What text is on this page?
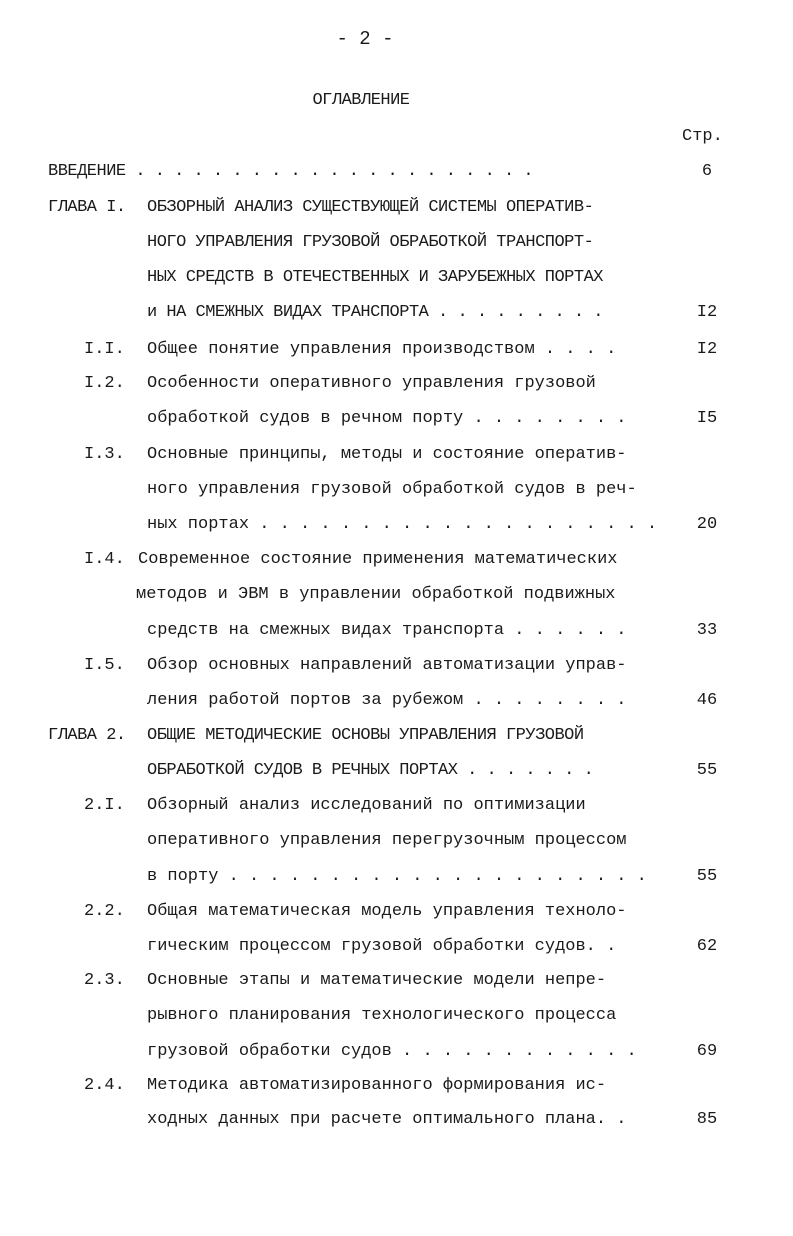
- 2 -
ОГЛАВЛЕНИЕ
Стр.
ВВЕДЕНИЕ . . . . . . . . . . . . . . . . . . . . .	6
ГЛАВА I. ОБЗОРНЫЙ АНАЛИЗ СУЩЕСТВУЮЩЕЙ СИСТЕМЫ ОПЕРАТИВ-
НОГО УПРАВЛЕНИЯ ГРУЗОВОЙ ОБРАБОТКОЙ ТРАНСПОРТ-
НЫХ СРЕДСТВ В ОТЕЧЕСТВЕННЫХ И ЗАРУБЕЖНЫХ ПОРТАХ
и НА СМЕЖНЫХ ВИДАХ ТРАНСПОРТА . . . . . . . . .	I2
I.I. Общее понятие управления производством . . . .	I2
I.2. Особенности оперативного управления грузовой
обработкой судов в речном порту . . . . . . . .	I5
I.3. Основные принципы, методы и состояние оператив-
ного управления грузовой обработкой судов в реч-
ных портах . . . . . . . . . . . . . . . . . . . .	20
I.4. Современное состояние применения математических
методов и ЭВМ в управлении обработкой подвижных
средств на смежных видах транспорта . . . . . .	33
I.5. Обзор основных направлений автоматизации управ-
ления работой портов за рубежом . . . . . . . .	46
ГЛАВА 2. ОБЩИЕ МЕТОДИЧЕСКИЕ ОСНОВЫ УПРАВЛЕНИЯ ГРУЗОВОЙ
ОБРАБОТКОЙ СУДОВ В РЕЧНЫХ ПОРТАХ . . . . . . .	55
2.I. Обзорный анализ исследований по оптимизации
оперативного управления перегрузочным процессом
в порту . . . . . . . . . . . . . . . . . . . . .	55
2.2. Общая математическая модель управления техноло-
гическим процессом грузовой обработки судов. .	62
2.3. Основные этапы и математические модели непре-
рывного планирования технологического процесса
грузовой обработки судов . . . . . . . . . . . .	69
2.4. Методика автоматизированного формирования ис-
ходных данных при расчете оптимального плана. .	85
